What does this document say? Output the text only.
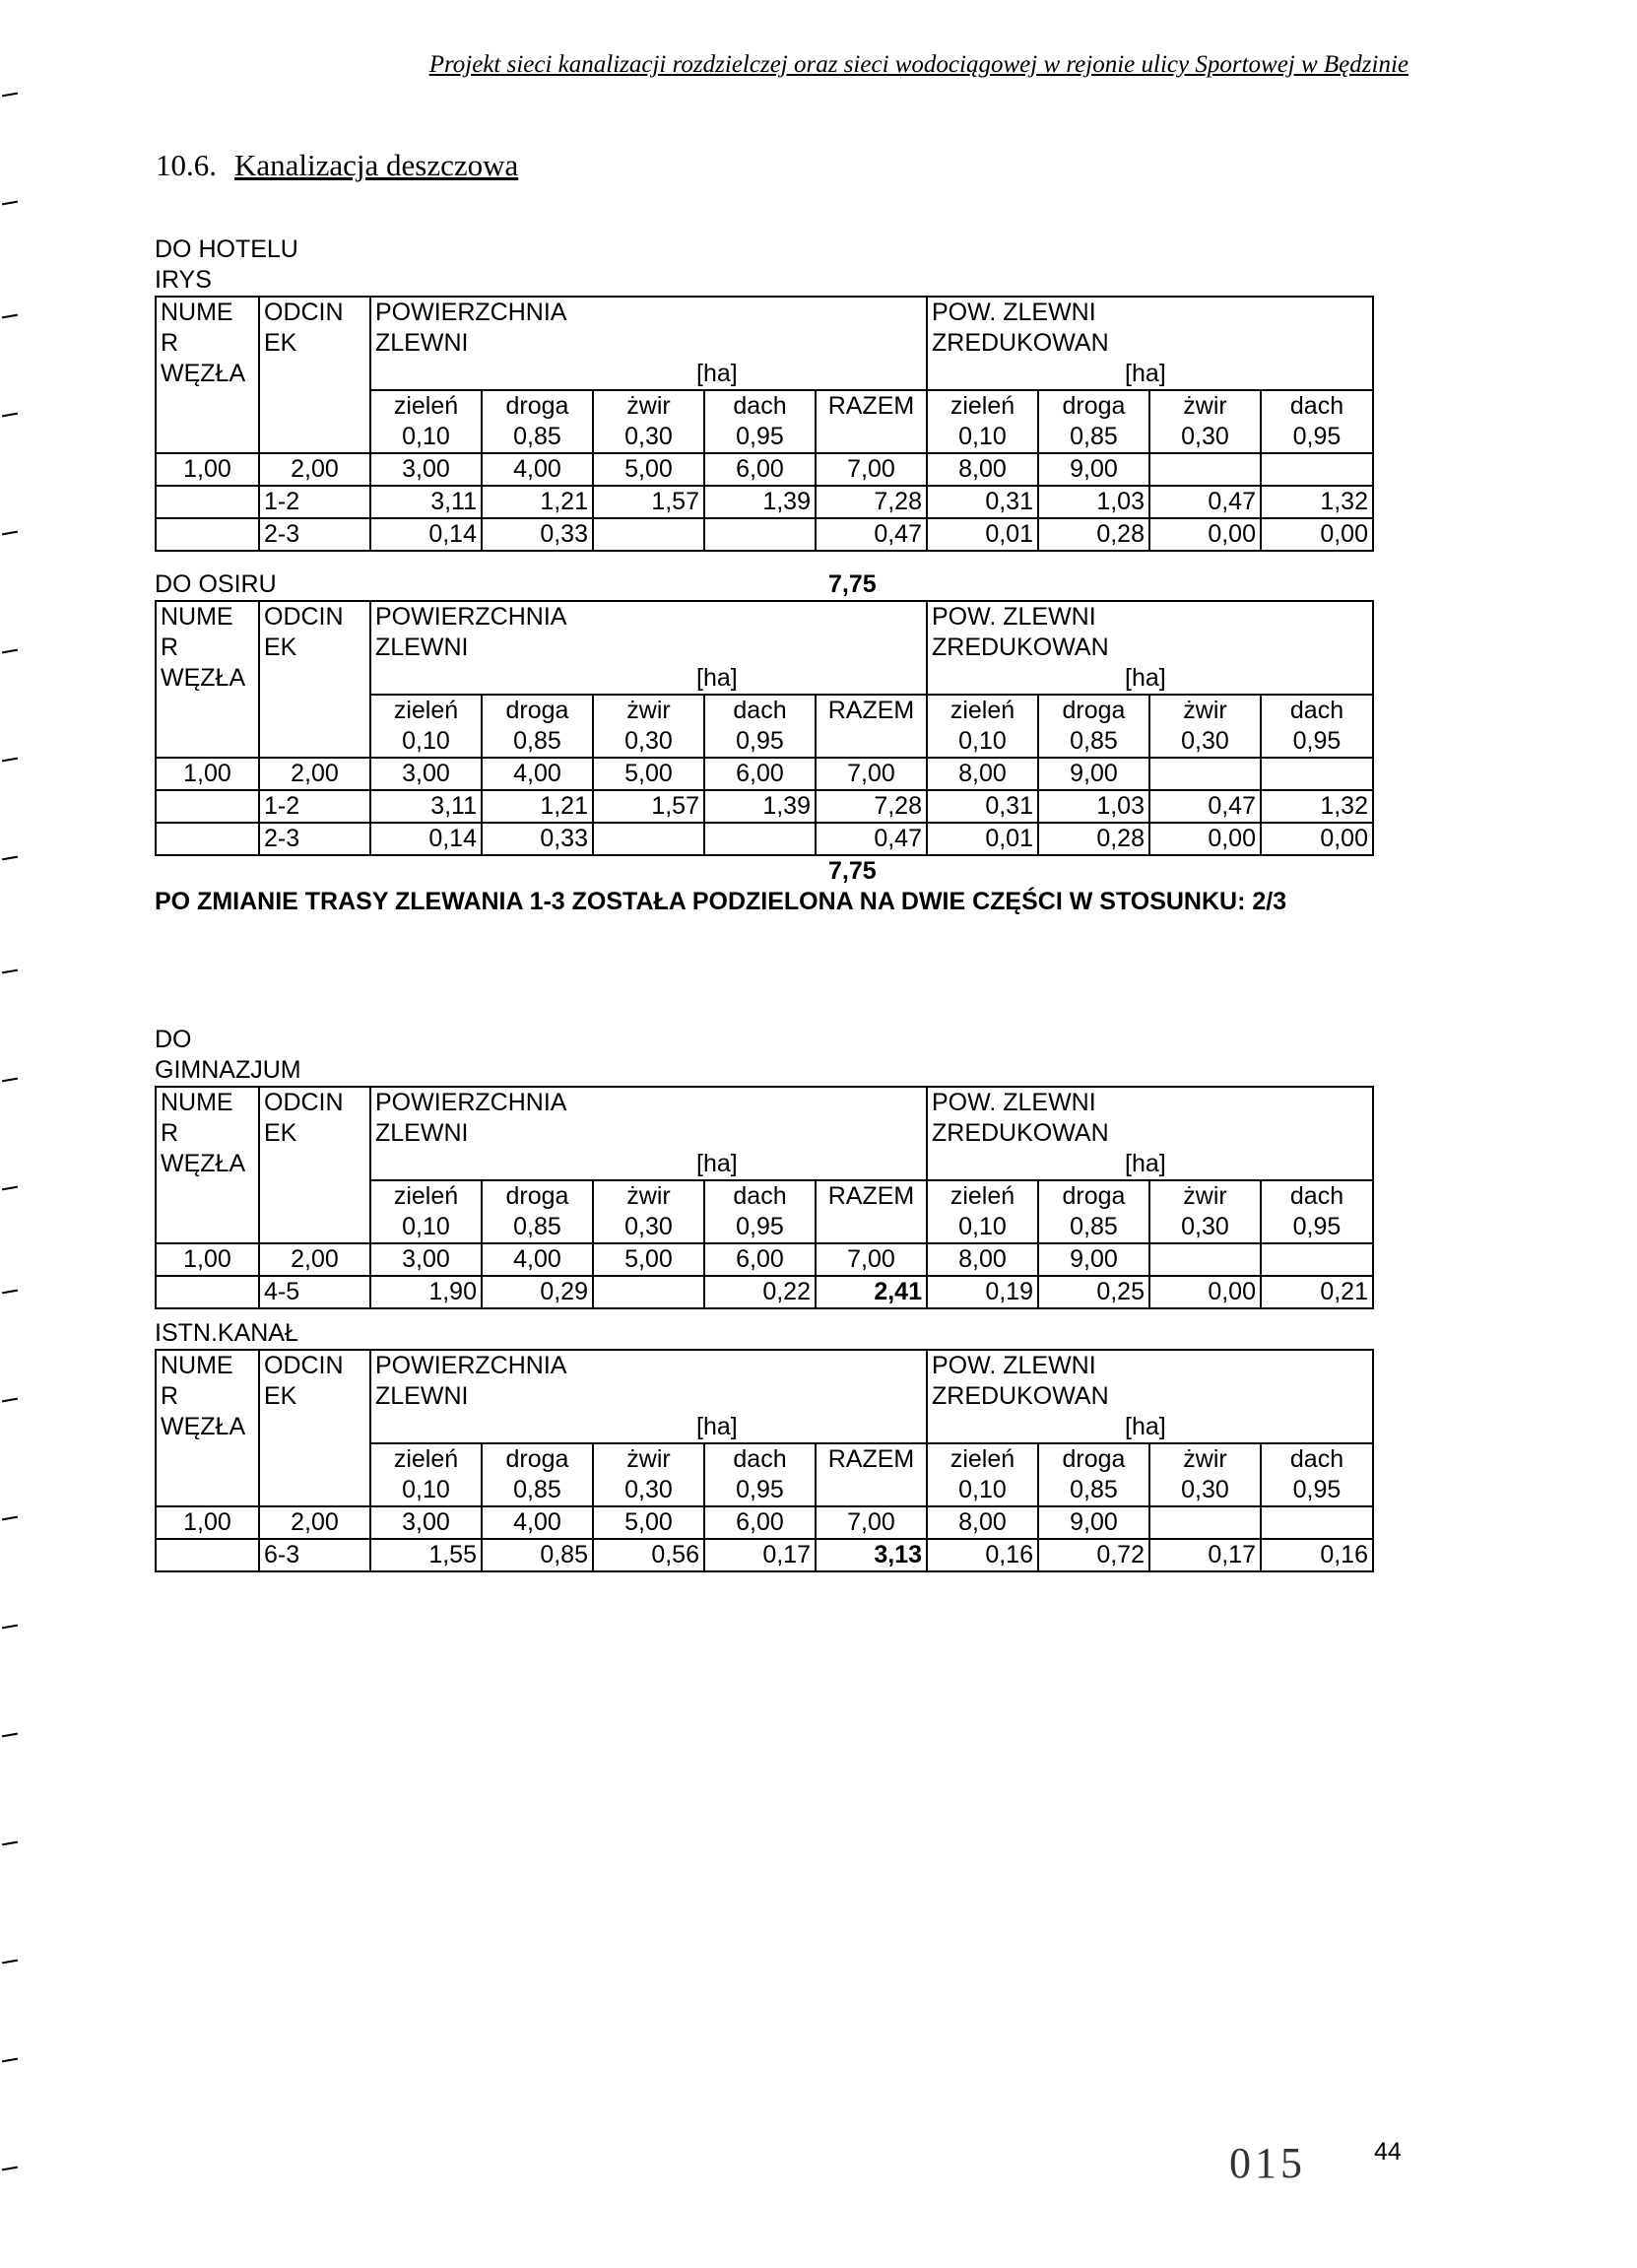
Projekt sieci kanalizacji rozdzielczej oraz sieci wodociągowej w rejonie ulicy Sportowej w Będzinie
10.6. Kanalizacja deszczowa
DO HOTELU
IRYS
NUME	ODCIN	POWIERZCHNIA					POW. ZLEWNI			
R	EK	ZLEWNI					ZREDUKOWAN			
WĘZŁA		[ha]					[ha]			
		zieleń	droga	żwir	dach	RAZEM	zieleń	droga	żwir	dach
		0,10	0,85	0,30	0,95		0,10	0,85	0,30	0,95
1,00	2,00	3,00	4,00	5,00	6,00	7,00	8,00	9,00		
	1-2	3,11	1,21	1,57	1,39	7,28	0,31	1,03	0,47	1,32
	2-3	0,14	0,33			0,47	0,01	0,28	0,00	0,00
DO OSIRU	7,75
NUME	ODCIN	POWIERZCHNIA					POW. ZLEWNI			
R	EK	ZLEWNI					ZREDUKOWAN			
WĘZŁA		[ha]					[ha]			
		zieleń	droga	żwir	dach	RAZEM	zieleń	droga	żwir	dach
		0,10	0,85	0,30	0,95		0,10	0,85	0,30	0,95
1,00	2,00	3,00	4,00	5,00	6,00	7,00	8,00	9,00		
	1-2	3,11	1,21	1,57	1,39	7,28	0,31	1,03	0,47	1,32
	2-3	0,14	0,33			0,47	0,01	0,28	0,00	0,00
7,75
PO ZMIANIE TRASY ZLEWANIA 1-3 ZOSTAŁA PODZIELONA NA DWIE CZĘŚCI W STOSUNKU: 2/3
DO
GIMNAZJUM
NUME	ODCIN	POWIERZCHNIA					POW. ZLEWNI			
R	EK	ZLEWNI					ZREDUKOWAN			
WĘZŁA		[ha]					[ha]			
		zieleń	droga	żwir	dach	RAZEM	zieleń	droga	żwir	dach
		0,10	0,85	0,30	0,95		0,10	0,85	0,30	0,95
1,00	2,00	3,00	4,00	5,00	6,00	7,00	8,00	9,00		
	4-5	1,90	0,29		0,22	2,41	0,19	0,25	0,00	0,21
ISTN.KANAŁ
NUME	ODCIN	POWIERZCHNIA					POW. ZLEWNI			
R	EK	ZLEWNI					ZREDUKOWAN			
WĘZŁA		[ha]					[ha]			
		zieleń	droga	żwir	dach	RAZEM	zieleń	droga	żwir	dach
		0,10	0,85	0,30	0,95		0,10	0,85	0,30	0,95
1,00	2,00	3,00	4,00	5,00	6,00	7,00	8,00	9,00		
	6-3	1,55	0,85	0,56	0,17	3,13	0,16	0,72	0,17	0,16
015	44
